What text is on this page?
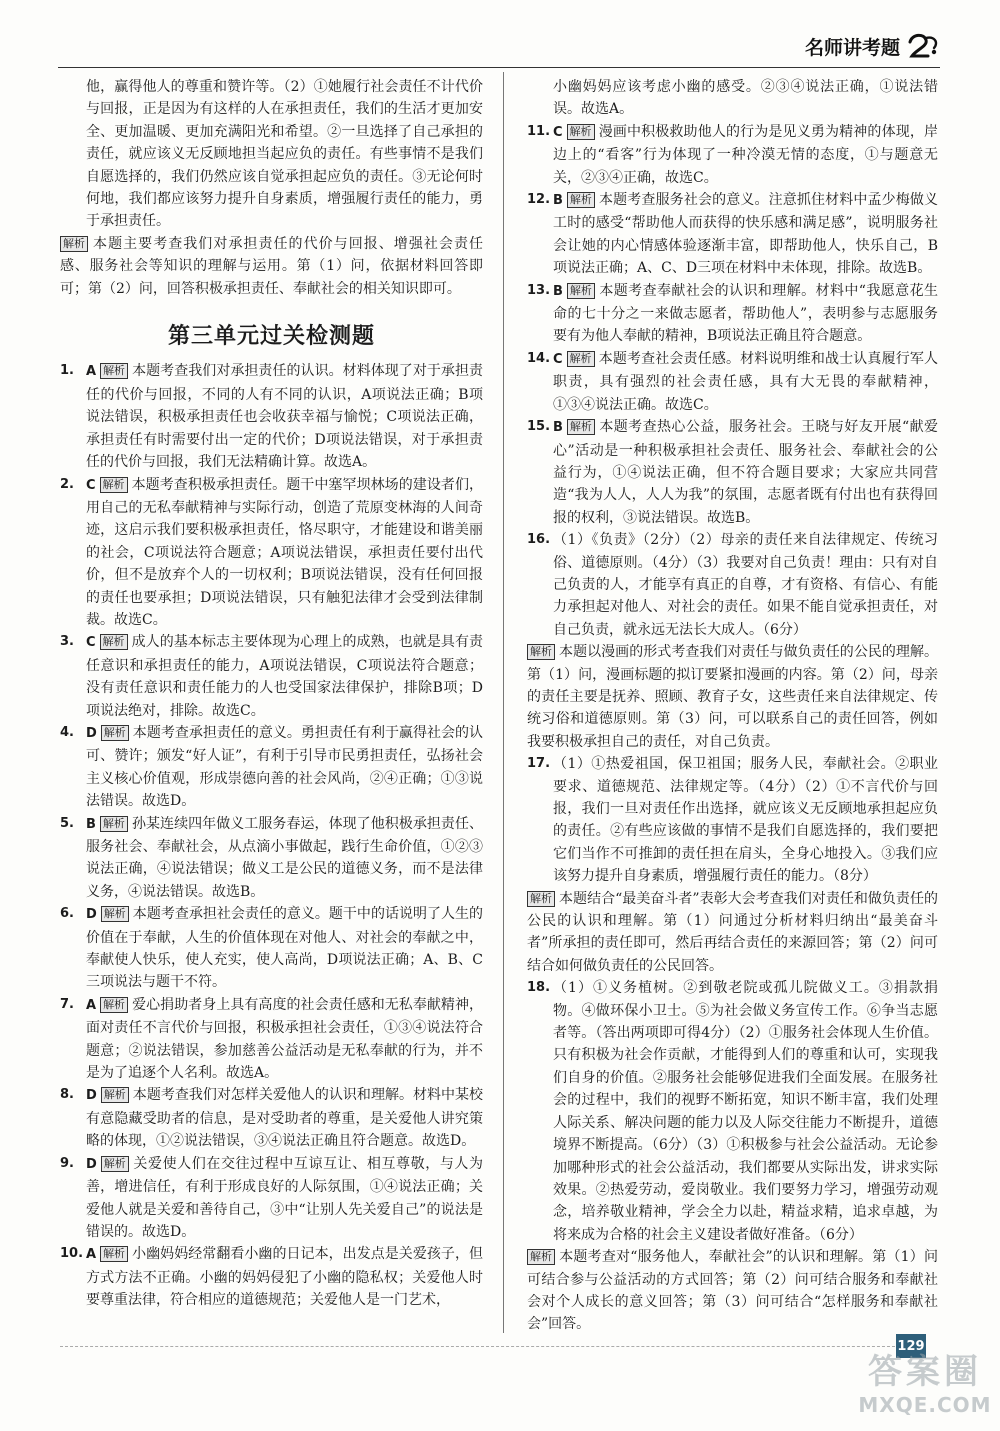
名师讲考题

他，赢得他人的尊重和赞许等。（2）①她履行社会责任不计代价与回报，正是因为有这样的人在承担责任，我们的生活才更加安全、更加温暖、更加充满阳光和希望。②一旦选择了自己承担的责任，就应该义无反顾地担当起应负的责任。有些事情不是我们自愿选择的，我们仍然应该自觉承担起应负的责任。③无论何时何地，我们都应该努力提升自身素质，增强履行责任的能力，勇于承担责任。

解析 本题主要考查我们对承担责任的代价与回报、增强社会责任感、服务社会等知识的理解与运用。第（1）问，依据材料回答即可；第（2）问，回答积极承担责任、奉献社会的相关知识即可。

第三单元过关检测题

1. A 解析 本题考查我们对承担责任的认识。材料体现了对于承担责任的代价与回报，不同的人有不同的认识，A项说法正确；B项说法错误，积极承担责任也会收获幸福与愉悦；C项说法正确，承担责任有时需要付出一定的代价；D项说法错误，对于承担责任的代价与回报，我们无法精确计算。故选A。

2. C 解析 本题考查积极承担责任。题干中塞罕坝林场的建设者们，用自己的无私奉献精神与实际行动，创造了荒原变林海的人间奇迹，这启示我们要积极承担责任，恪尽职守，才能建设和谐美丽的社会，C项说法符合题意；A项说法错误，承担责任要付出代价，但不是放弃个人的一切权利；B项说法错误，没有任何回报的责任也要承担；D项说法错误，只有触犯法律才会受到法律制裁。故选C。

3. C 解析 成人的基本标志主要体现为心理上的成熟，也就是具有责任意识和承担责任的能力，A项说法错误，C项说法符合题意；没有责任意识和责任能力的人也受国家法律保护，排除B项；D项说法绝对，排除。故选C。

4. D 解析 本题考查承担责任的意义。勇担责任有利于赢得社会的认可、赞许；颁发“好人证”，有利于引导市民勇担责任，弘扬社会主义核心价值观，形成崇德向善的社会风尚，②④正确；①③说法错误。故选D。

5. B 解析 孙某连续四年做义工服务春运，体现了他积极承担责任、服务社会、奉献社会，从点滴小事做起，践行生命价值，①②③说法正确，④说法错误；做义工是公民的道德义务，而不是法律义务，④说法错误。故选B。

6. D 解析 本题考查承担社会责任的意义。题干中的话说明了人生的价值在于奉献，人生的价值体现在对他人、对社会的奉献之中，奉献使人快乐，使人充实，使人高尚，D项说法正确；A、B、C三项说法与题干不符。

7. A 解析 爱心捐助者身上具有高度的社会责任感和无私奉献精神，面对责任不言代价与回报，积极承担社会责任，①③④说法符合题意；②说法错误，参加慈善公益活动是无私奉献的行为，并不是为了追逐个人名利。故选A。

8. D 解析 本题考查我们对怎样关爱他人的认识和理解。材料中某校有意隐藏受助者的信息，是对受助者的尊重，是关爱他人讲究策略的体现，①②说法错误，③④说法正确且符合题意。故选D。

9. D 解析 关爱使人们在交往过程中互谅互让、相互尊敬，与人为善，增进信任，有利于形成良好的人际氛围，①④说法正确；关爱他人就是关爱和善待自己，③中“让别人先关爱自己”的说法是错误的。故选D。

10. A 解析 小幽妈妈经常翻看小幽的日记本，出发点是关爱孩子，但方式方法不正确。小幽的妈妈侵犯了小幽的隐私权；关爱他人时要尊重法律，符合相应的道德规范；关爱他人是一门艺术，

小幽妈妈应该考虑小幽的感受。②③④说法正确，①说法错误。故选A。

11. C 解析 漫画中积极救助他人的行为是见义勇为精神的体现，岸边上的“看客”行为体现了一种冷漠无情的态度，①与题意无关，②③④正确，故选C。

12. B 解析 本题考查服务社会的意义。注意抓住材料中孟少梅做义工时的感受“帮助他人而获得的快乐感和满足感”，说明服务社会让她的内心情感体验逐渐丰富，即帮助他人，快乐自己，B项说法正确；A、C、D三项在材料中未体现，排除。故选B。

13. B 解析 本题考查奉献社会的认识和理解。材料中“我愿意花生命的七十分之一来做志愿者，帮助他人”，表明参与志愿服务要有为他人奉献的精神，B项说法正确且符合题意。

14. C 解析 本题考查社会责任感。材料说明维和战士认真履行军人职责，具有强烈的社会责任感，具有大无畏的奉献精神，①③④说法正确。故选C。

15. B 解析 本题考查热心公益，服务社会。王晓与好友开展“献爱心”活动是一种积极承担社会责任、服务社会、奉献社会的公益行为，①④说法正确，但不符合题目要求；大家应共同营造“我为人人，人人为我”的氛围，志愿者既有付出也有获得回报的权利，③说法错误。故选B。

16. （1）《负责》（2分）（2）母亲的责任来自法律规定、传统习俗、道德原则。（4分）（3）我要对自己负责！理由：只有对自己负责的人，才能享有真正的自尊，才有资格、有信心、有能力承担起对他人、对社会的责任。如果不能自觉承担责任，对自己负责，就永远无法长大成人。（6分）

解析 本题以漫画的形式考查我们对责任与做负责任的公民的理解。第（1）问，漫画标题的拟订要紧扣漫画的内容。第（2）问，母亲的责任主要是抚养、照顾、教育子女，这些责任来自法律规定、传统习俗和道德原则。第（3）问，可以联系自己的责任回答，例如我要积极承担自己的责任，对自己负责。

17. （1）①热爱祖国，保卫祖国；服务人民，奉献社会。②职业要求、道德规范、法律规定等。（4分）（2）①不言代价与回报，我们一旦对责任作出选择，就应该义无反顾地承担起应负的责任。②有些应该做的事情不是我们自愿选择的，我们要把它们当作不可推卸的责任担在肩头，全身心地投入。③我们应该努力提升自身素质，增强履行责任的能力。（8分）

解析 本题结合“最美奋斗者”表彰大会考查我们对责任和做负责任的公民的认识和理解。第（1）问通过分析材料归纳出“最美奋斗者”所承担的责任即可，然后再结合责任的来源回答；第（2）问可结合如何做负责任的公民回答。

18. （1）①义务植树。②到敬老院或孤儿院做义工。③捐款捐物。④做环保小卫士。⑤为社会做义务宣传工作。⑥争当志愿者等。（答出两项即可得4分）（2）①服务社会体现人生价值。只有积极为社会作贡献，才能得到人们的尊重和认可，实现我们自身的价值。②服务社会能够促进我们全面发展。在服务社会的过程中，我们的视野不断拓宽，知识不断丰富，我们处理人际关系、解决问题的能力以及人际交往能力不断提升，道德境界不断提高。（6分）（3）①积极参与社会公益活动。无论参加哪种形式的社会公益活动，我们都要从实际出发，讲求实际效果。②热爱劳动，爱岗敬业。我们要努力学习，增强劳动观念，培养敬业精神，学会全力以赴，精益求精，追求卓越，为将来成为合格的社会主义建设者做好准备。（6分）

解析 本题考查对“服务他人，奉献社会”的认识和理解。第（1）问可结合参与公益活动的方式回答；第（2）问可结合服务和奉献社会对个人成长的意义回答；第（3）问可结合“怎样服务和奉献社会”回答。

129
答案圈
MXQE.COM
